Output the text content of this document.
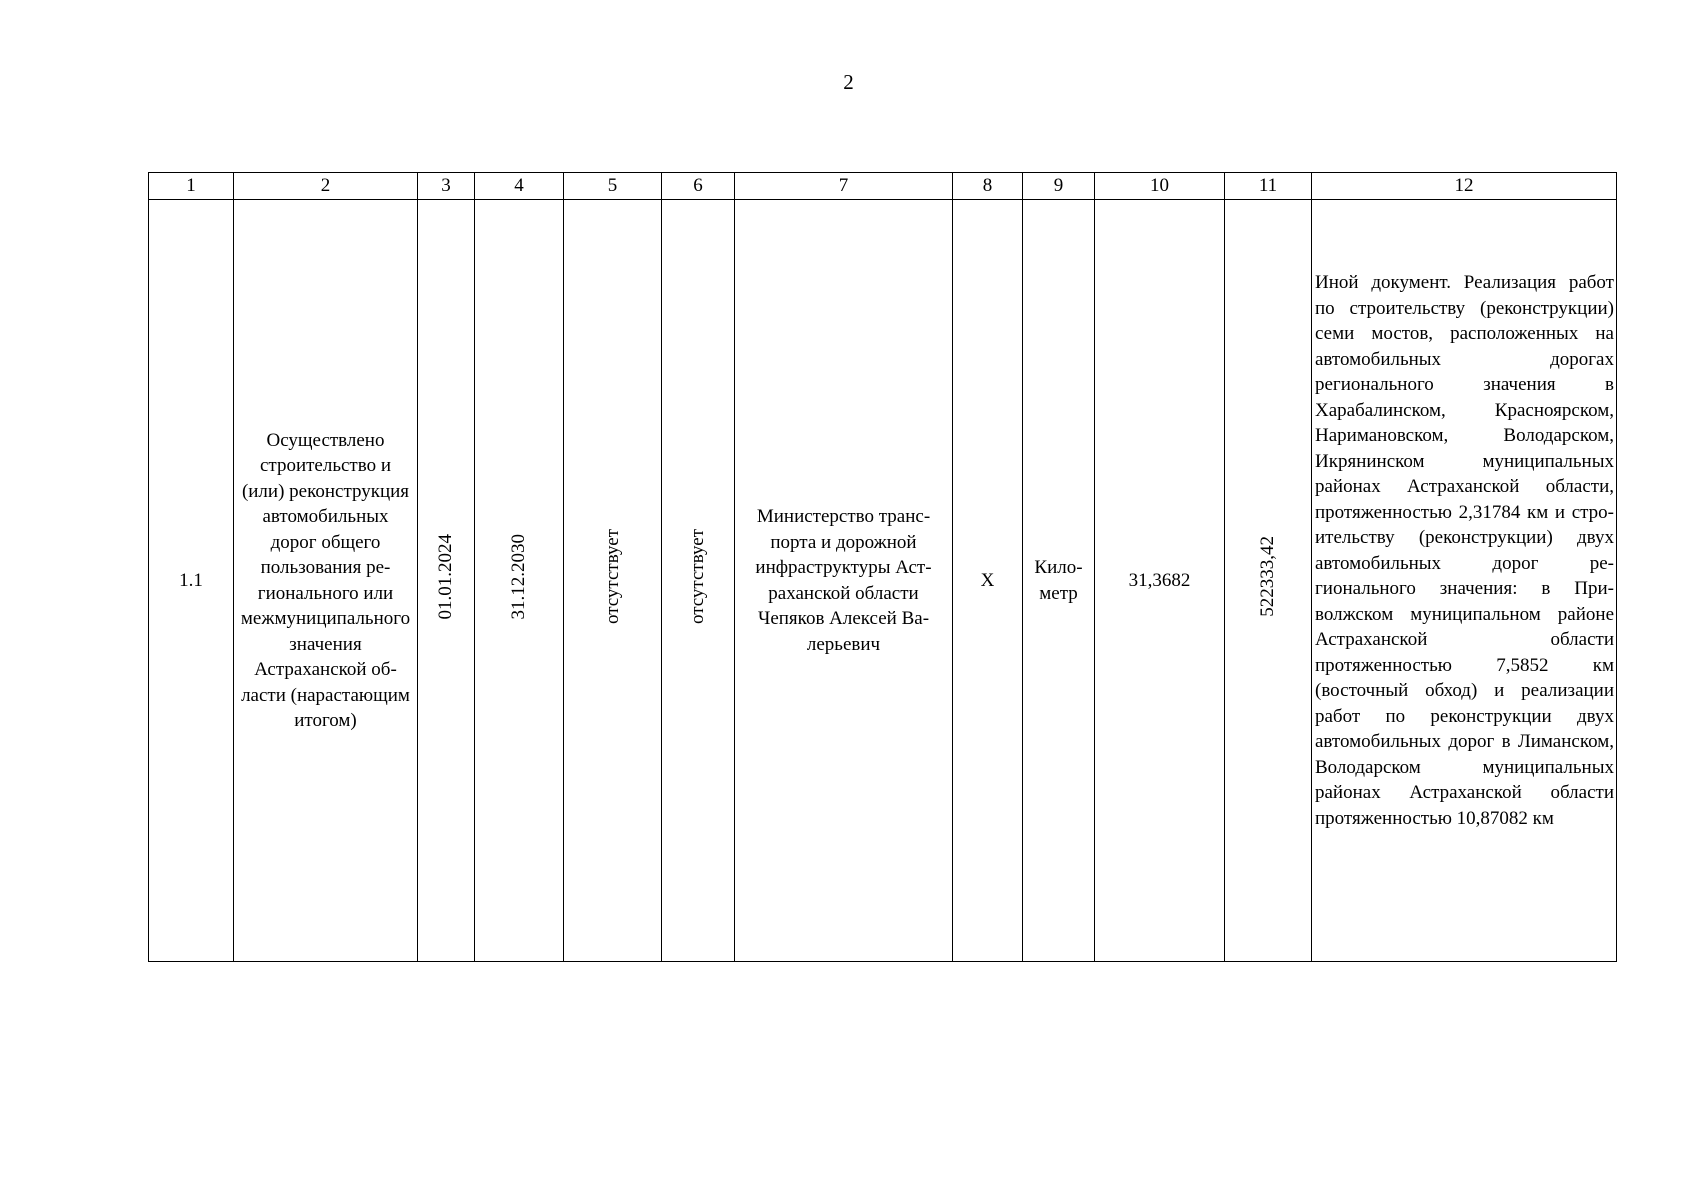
2
1	2	3	4	5	6	7	8	9	10	11	12

1.1	Осуществлено строительство и (или) реконструкция автомобильных дорог общего пользования регионального или межмуниципального значения Астраханской области (нарастающим итогом)	01.01.2024	31.12.2030	отсутствует	отсутствует	Министерство транспорта и дорожной инфраструктуры Астраханской области Чепяков Алексей Валерьевич	X	Километр	31,3682	522333,42	Иной документ. Реализация работ по строительству (реконструкции) семи мостов, расположенных на автомобильных дорогах регионального значения в Харабалинском, Красноярском, Наримановском, Володарском, Икрянинском муниципальных районах Астраханской области, протяженностью 2,31784 км и строительству (реконструкции) двух автомобильных дорог регионального значения: в Приволжском муниципальном районе Астраханской области протяженностью 7,5852 км (восточный обход) и реализации работ по реконструкции двух автомобильных дорог в Лиманском, Володарском муниципальных районах Астраханской области протяженностью 10,87082 км
